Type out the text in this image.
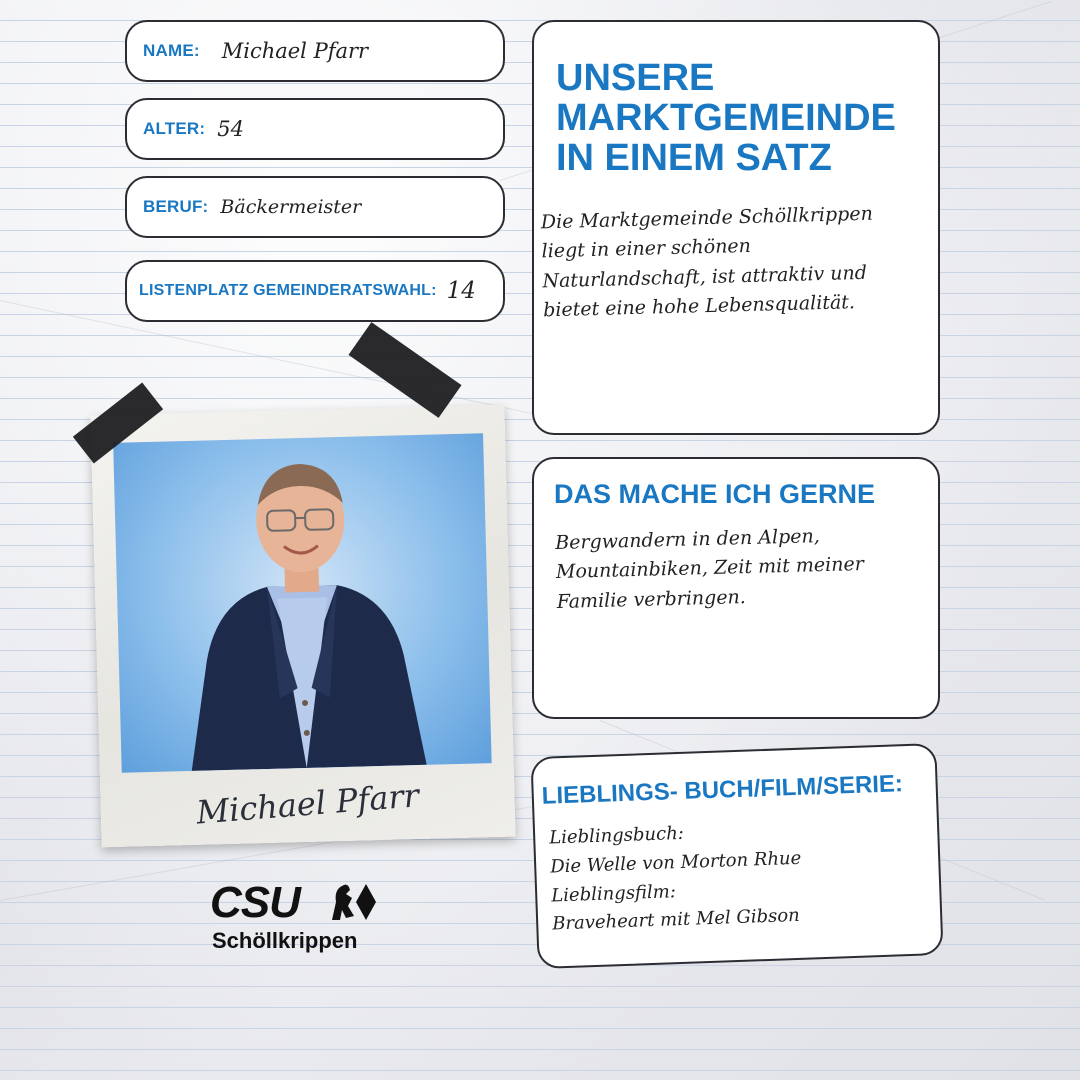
NAME: Michael Pfarr
ALTER: 54
BERUF: Bäckermeister
LISTENPLATZ GEMEINDERATSWAHL: 14
UNSERE
MARKTGEMEINDE
IN EINEM SATZ
Die Marktgemeinde Schöllkrippen
liegt in einer schönen
Naturlandschaft, ist attraktiv und
bietet eine hohe Lebensqualität.
DAS MACHE ICH GERNE
Bergwandern in den Alpen,
Mountainbiken, Zeit mit meiner
Familie verbringen.
LIEBLINGS- BUCH/FILM/SERIE:
Lieblingsbuch:
Die Welle von Morton Rhue
Lieblingsfilm:
Braveheart mit Mel Gibson
Michael Pfarr
CSU
Schöllkrippen
